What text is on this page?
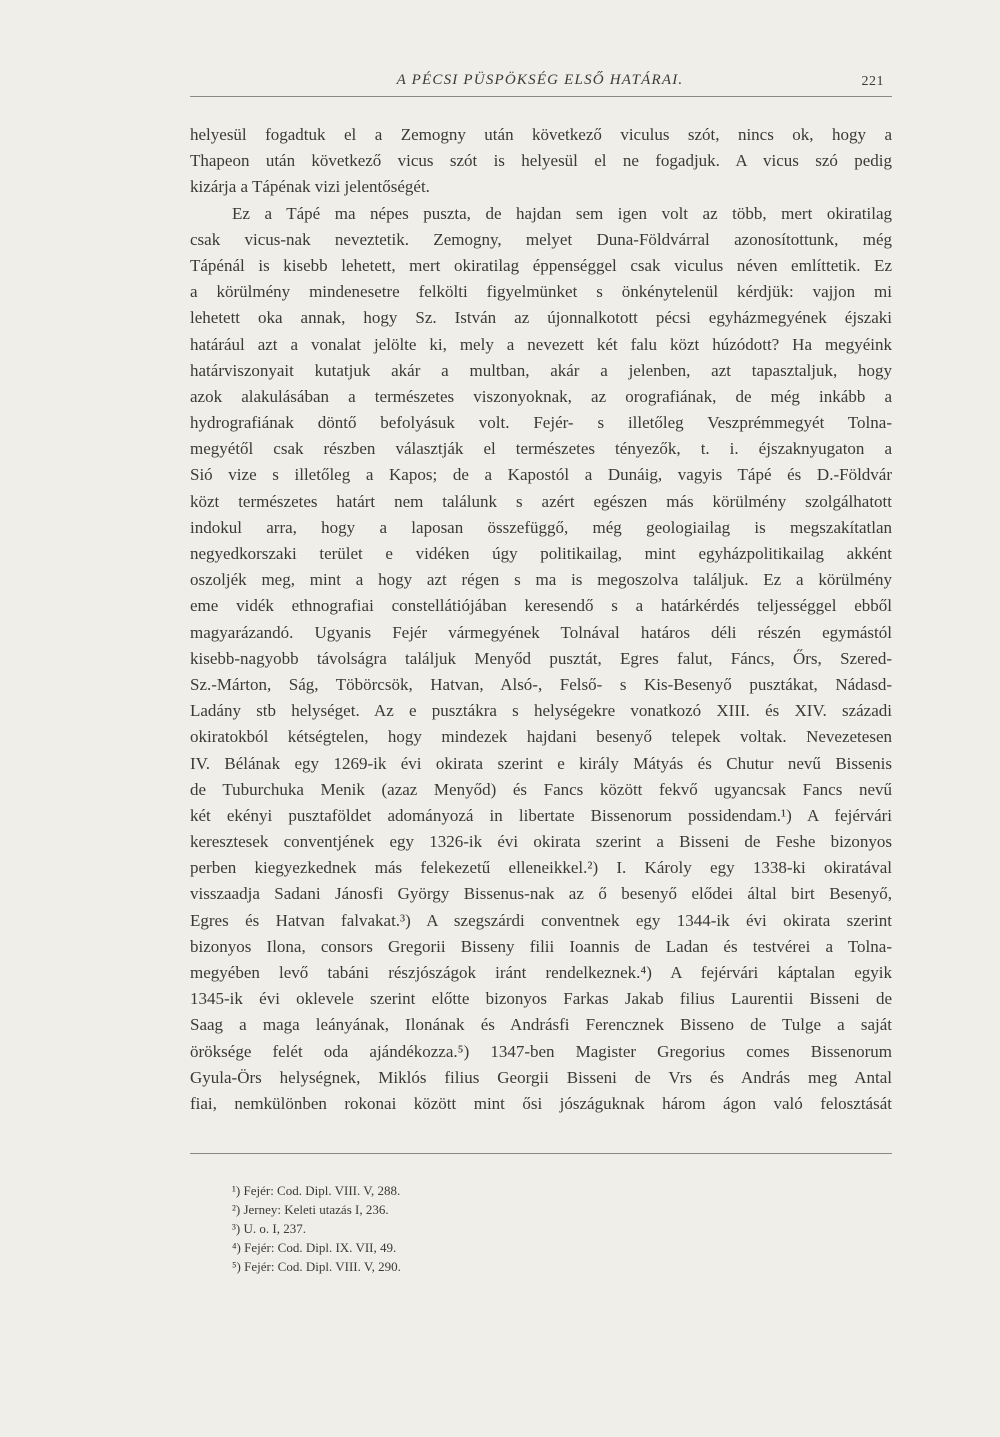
A PÉCSI PÜSPÖKSÉG ELSŐ HATÁRAI.	221
helyesül fogadtuk el a Zemogny után következő viculus szót, nincs ok, hogy a
Thapeon után következő vicus szót is helyesül el ne fogadjuk. A vicus szó pedig
kizárja a Tápénak vizi jelentőségét.
Ez a Tápé ma népes puszta, de hajdan sem igen volt az több, mert okiratilag
csak vicus-nak neveztetik. Zemogny, melyet Duna-Földvárral azonosítottunk, még
Tápénál is kisebb lehetett, mert okiratilag éppenséggel csak viculus néven említtetik. Ez
a körülmény mindenesetre felkölti figyelmünket s önkénytelenül kérdjük: vajjon mi
lehetett oka annak, hogy Sz. István az újonnalkotott pécsi egyházmegyének éjszaki
határául azt a vonalat jelölte ki, mely a nevezett két falu közt húzódott? Ha megyéink
határviszonyait kutatjuk akár a multban, akár a jelenben, azt tapasztaljuk, hogy
azok alakulásában a természetes viszonyoknak, az orografiának, de még inkább a
hydrografiának döntő befolyásuk volt. Fejér- s illetőleg Veszprémmegyét Tolna-
megyétől csak részben választják el természetes tényezők, t. i. éjszaknyugaton a
Sió vize s illetőleg a Kapos; de a Kapostól a Dunáig, vagyis Tápé és D.-Földvár
közt természetes határt nem találunk s azért egészen más körülmény szolgálhatott
indokul arra, hogy a laposan összefüggő, még geologiailag is megszakítatlan
negyedkorszaki terület e vidéken úgy politikailag, mint egyházpolitikailag akként
oszoljék meg, mint a hogy azt régen s ma is megoszolva találjuk. Ez a körülmény
eme vidék ethnografiai constellátiójában keresendő s a határkérdés teljességgel ebből
magyarázandó. Ugyanis Fejér vármegyének Tolnával határos déli részén egymástól
kisebb-nagyobb távolságra találjuk Menyőd pusztát, Egres falut, Fáncs, Őrs, Szered-
Sz.-Márton, Ság, Töbörcsök, Hatvan, Alsó-, Felső- s Kis-Besenyő pusztákat, Nádasd-
Ladány stb helységet. Az e pusztákra s helységekre vonatkozó XIII. és XIV. századi
okiratokból kétségtelen, hogy mindezek hajdani besenyő telepek voltak. Nevezetesen
IV. Bélának egy 1269-ik évi okirata szerint e király Mátyás és Chutur nevű Bissenis
de Tuburchuka Menik (azaz Menyőd) és Fancs között fekvő ugyancsak Fancs nevű
két ekényi pusztaföldet adományozá in libertate Bissenorum possidendam.¹) A fejérvári
keresztesek conventjének egy 1326-ik évi okirata szerint a Bisseni de Feshe bizonyos
perben kiegyezkednek más felekezetű elleneikkel.²) I. Károly egy 1338-ki okiratával
visszaadja Sadani Jánosfi György Bissenus-nak az ő besenyő elődei által birt Besenyő,
Egres és Hatvan falvakat.³) A szegszárdi conventnek egy 1344-ik évi okirata szerint
bizonyos Ilona, consors Gregorii Bisseny filii Ioannis de Ladan és testvérei a Tolna-
megyében levő tabáni részjószágok iránt rendelkeznek.⁴) A fejérvári káptalan egyik
1345-ik évi oklevele szerint előtte bizonyos Farkas Jakab filius Laurentii Bisseni de
Saag a maga leányának, Ilonának és Andrásfi Ferencznek Bisseno de Tulge a saját
öröksége felét oda ajándékozza.⁵) 1347-ben Magister Gregorius comes Bissenorum
Gyula-Örs helységnek, Miklós filius Georgii Bisseni de Vrs és András meg Antal
fiai, nemkülönben rokonai között mint ősi jószáguknak három ágon való felosztását
¹) Fejér: Cod. Dipl. VIII. V, 288.
²) Jerney: Keleti utazás I, 236.
³) U. o. I, 237.
⁴) Fejér: Cod. Dipl. IX. VII, 49.
⁵) Fejér: Cod. Dipl. VIII. V, 290.
